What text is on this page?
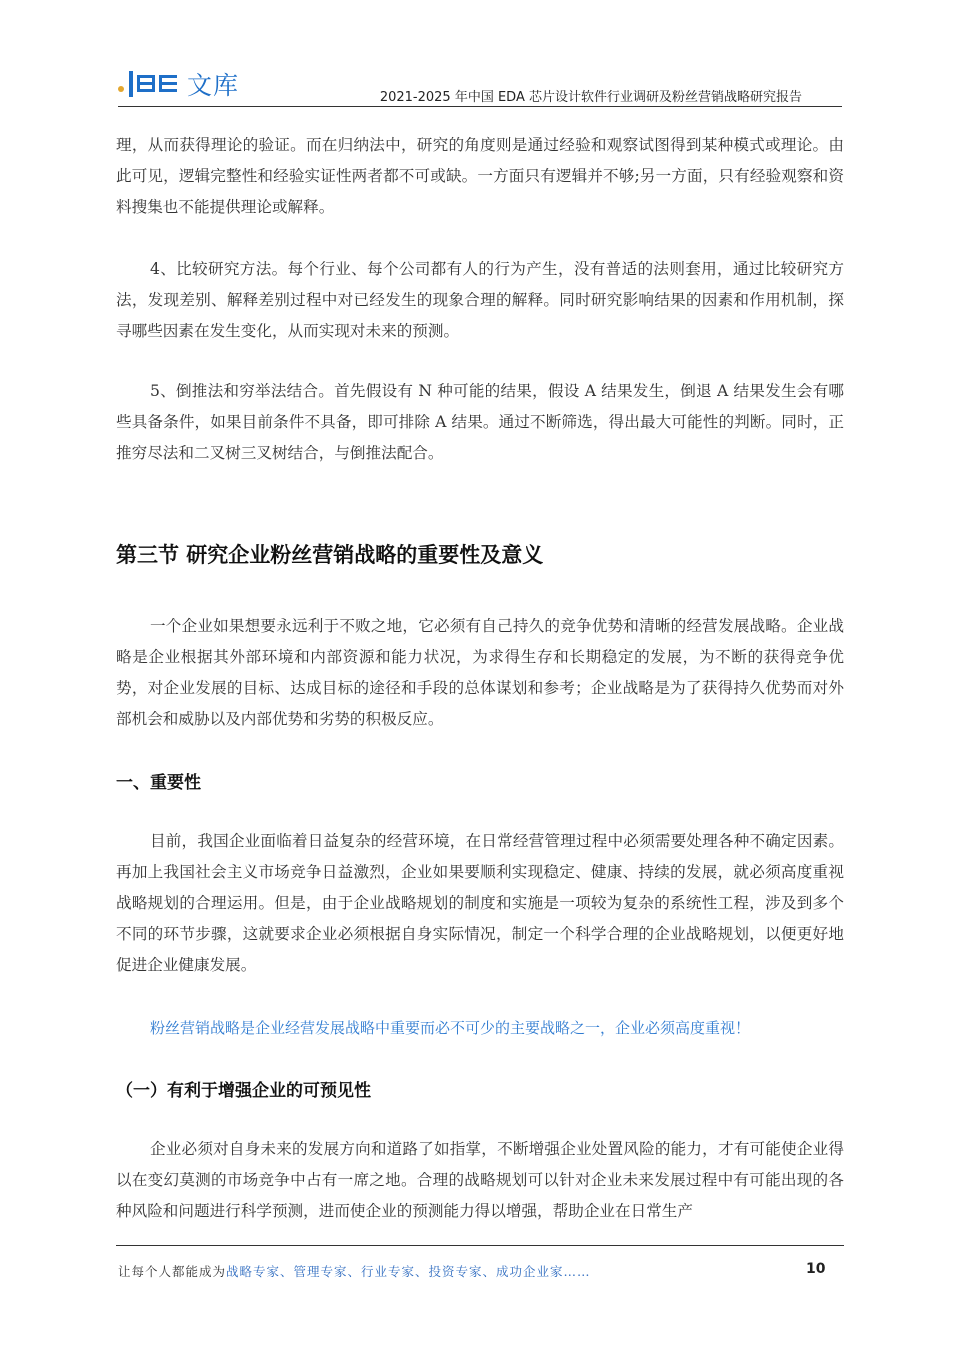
文库	2021-2025 年中国 EDA 芯片设计软件行业调研及粉丝营销战略研究报告

理，从而获得理论的验证。而在归纳法中，研究的角度则是通过经验和观察试图得到某种模式或理论。由此可见，逻辑完整性和经验实证性两者都不可或缺。一方面只有逻辑并不够;另一方面，只有经验观察和资料搜集也不能提供理论或解释。

4、比较研究方法。每个行业、每个公司都有人的行为产生，没有普适的法则套用，通过比较研究方法，发现差别、解释差别过程中对已经发生的现象合理的解释。同时研究影响结果的因素和作用机制，探寻哪些因素在发生变化，从而实现对未来的预测。

5、倒推法和穷举法结合。首先假设有 N 种可能的结果，假设 A 结果发生，倒退 A 结果发生会有哪些具备条件，如果目前条件不具备，即可排除 A 结果。通过不断筛选，得出最大可能性的判断。同时，正推穷尽法和二叉树三叉树结合，与倒推法配合。

第三节 研究企业粉丝营销战略的重要性及意义

一个企业如果想要永远利于不败之地，它必须有自己持久的竞争优势和清晰的经营发展战略。企业战略是企业根据其外部环境和内部资源和能力状况，为求得生存和长期稳定的发展，为不断的获得竞争优势，对企业发展的目标、达成目标的途径和手段的总体谋划和参考；企业战略是为了获得持久优势而对外部机会和威胁以及内部优势和劣势的积极反应。

一、重要性

目前，我国企业面临着日益复杂的经营环境，在日常经营管理过程中必须需要处理各种不确定因素。再加上我国社会主义市场竞争日益激烈，企业如果要顺利实现稳定、健康、持续的发展，就必须高度重视战略规划的合理运用。但是，由于企业战略规划的制度和实施是一项较为复杂的系统性工程，涉及到多个不同的环节步骤，这就要求企业必须根据自身实际情况，制定一个科学合理的企业战略规划，以便更好地促进企业健康发展。

粉丝营销战略是企业经营发展战略中重要而必不可少的主要战略之一，企业必须高度重视！

（一）有利于增强企业的可预见性

企业必须对自身未来的发展方向和道路了如指掌，不断增强企业处置风险的能力，才有可能使企业得以在变幻莫测的市场竞争中占有一席之地。合理的战略规划可以针对企业未来发展过程中有可能出现的各种风险和问题进行科学预测，进而使企业的预测能力得以增强，帮助企业在日常生产

让每个人都能成为战略专家、管理专家、行业专家、投资专家、成功企业家……	10
